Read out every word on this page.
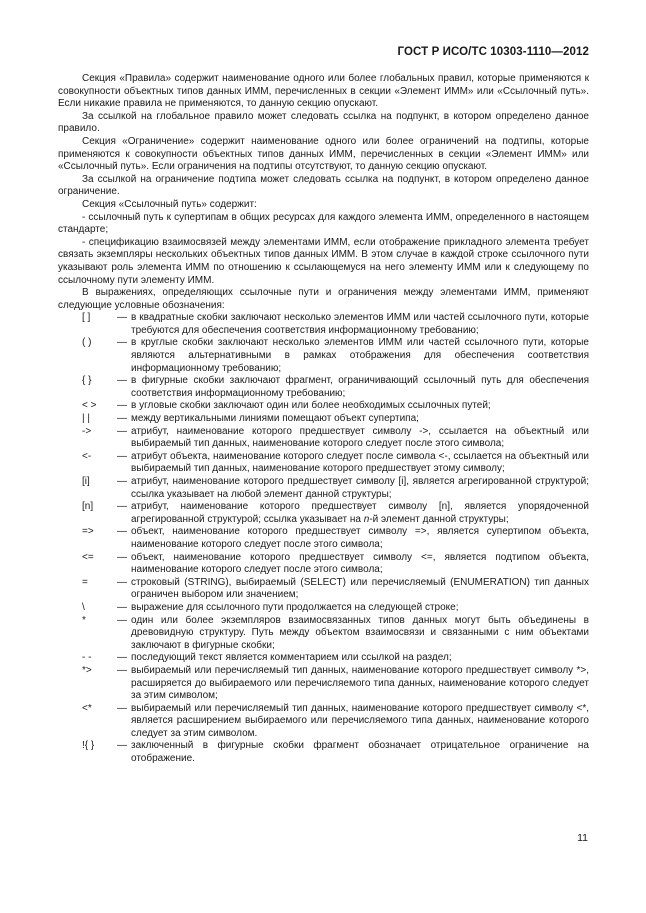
ГОСТ Р ИСО/ТС 10303-1110—2012

Секция «Правила» содержит наименование одного или более глобальных правил, которые применяются к совокупности объектных типов данных ИММ, перечисленных в секции «Элемент ИММ» или «Ссылочный путь». Если никакие правила не применяются, то данную секцию опускают.

За ссылкой на глобальное правило может следовать ссылка на подпункт, в котором определено данное правило.

Секция «Ограничение» содержит наименование одного или более ограничений на подтипы, которые применяются к совокупности объектных типов данных ИММ, перечисленных в секции «Элемент ИММ» или «Ссылочный путь». Если ограничения на подтипы отсутствуют, то данную секцию опускают.

За ссылкой на ограничение подтипа может следовать ссылка на подпункт, в котором определено данное ограничение.

Секция «Ссылочный путь» содержит:

- ссылочный путь к супертипам в общих ресурсах для каждого элемента ИММ, определенного в настоящем стандарте;

- спецификацию взаимосвязей между элементами ИММ, если отображение прикладного элемента требует связать экземпляры нескольких объектных типов данных ИММ. В этом случае в каждой строке ссылочного пути указывают роль элемента ИММ по отношению к ссылающемуся на него элементу ИММ или к следующему по ссылочному пути элементу ИММ.

В выражениях, определяющих ссылочные пути и ограничения между элементами ИММ, применяют следующие условные обозначения:

[ ]	— в квадратные скобки заключают несколько элементов ИММ или частей ссылочного пути, которые требуются для обеспечения соответствия информационному требованию;
( )	— в круглые скобки заключают несколько элементов ИММ или частей ссылочного пути, которые являются альтернативными в рамках отображения для обеспечения соответствия информационному требованию;
{ }	— в фигурные скобки заключают фрагмент, ограничивающий ссылочный путь для обеспечения соответствия информационному требованию;
< >	— в угловые скобки заключают один или более необходимых ссылочных путей;
| |	— между вертикальными линиями помещают объект супертипа;
->	— атрибут, наименование которого предшествует символу ->, ссылается на объектный или выбираемый тип данных, наименование которого следует после этого символа;
<-	— атрибут объекта, наименование которого следует после символа <-, ссылается на объектный или выбираемый тип данных, наименование которого предшествует этому символу;
[i]	— атрибут, наименование которого предшествует символу [i], является агрегированной структурой; ссылка указывает на любой элемент данной структуры;
[n]	— атрибут, наименование которого предшествует символу [n], является упорядоченной агрегированной структурой; ссылка указывает на n-й элемент данной структуры;
=>	— объект, наименование которого предшествует символу =>, является супертипом объекта, наименование которого следует после этого символа;
<=	— объект, наименование которого предшествует символу <=, является подтипом объекта, наименование которого следует после этого символа;
=	— строковый (STRING), выбираемый (SELECT) или перечисляемый (ENUMERATION) тип данных ограничен выбором или значением;
\	— выражение для ссылочного пути продолжается на следующей строке;
*	— один или более экземпляров взаимосвязанных типов данных могут быть объединены в древовидную структуру. Путь между объектом взаимосвязи и связанными с ним объектами заключают в фигурные скобки;
- -	— последующий текст является комментарием или ссылкой на раздел;
*>	— выбираемый или перечисляемый тип данных, наименование которого предшествует символу *>, расширяется до выбираемого или перечисляемого типа данных, наименование которого следует за этим символом;
<*	— выбираемый или перечисляемый тип данных, наименование которого предшествует символу <*, является расширением выбираемого или перечисляемого типа данных, наименование которого следует за этим символом.
!{ }	— заключенный в фигурные скобки фрагмент обозначает отрицательное ограничение на отображение.
11
